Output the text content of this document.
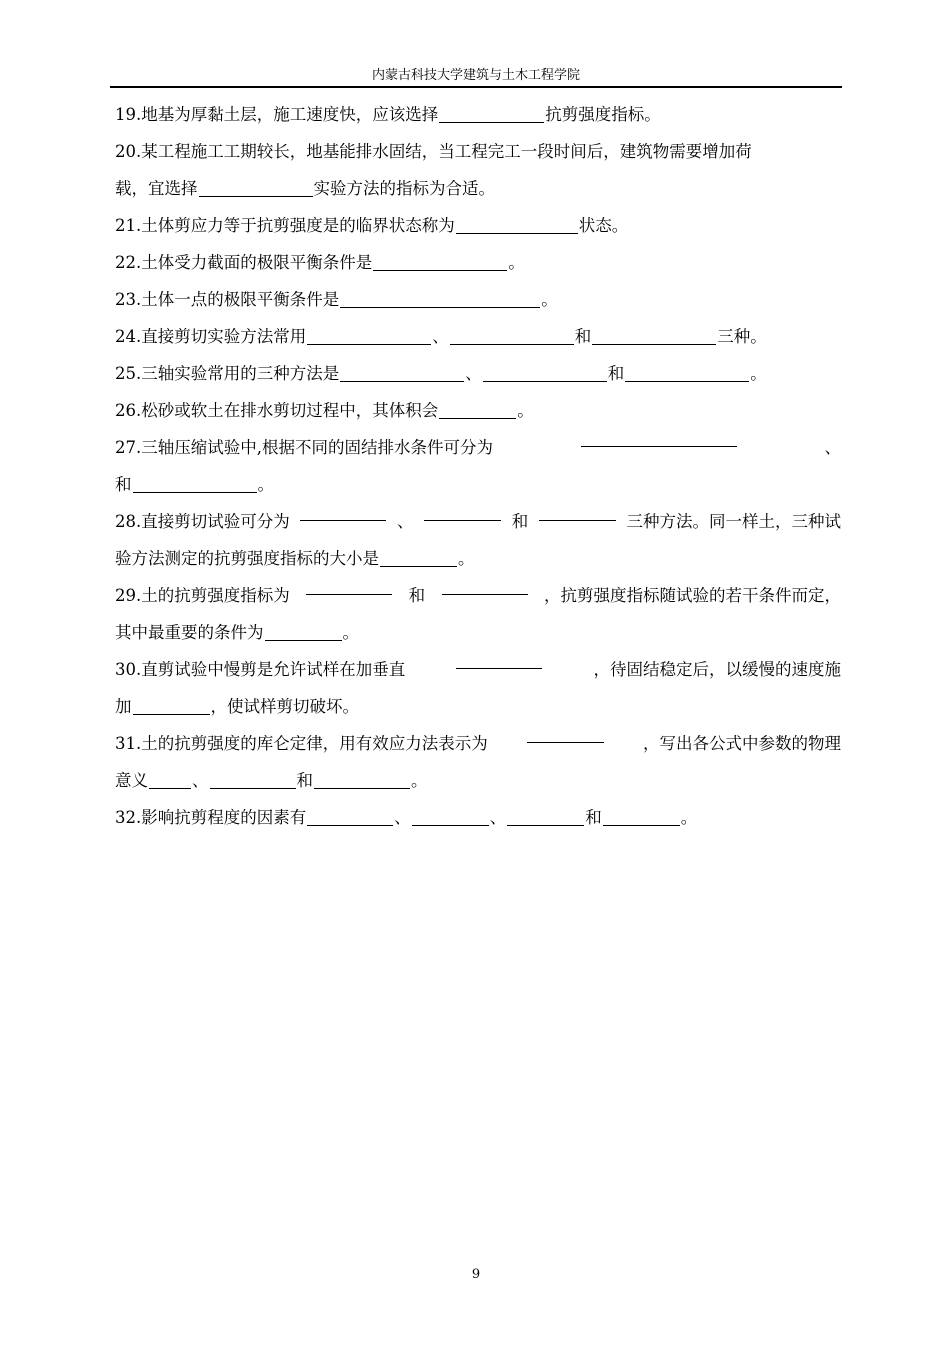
内蒙古科技大学建筑与土木工程学院

19.地基为厚黏土层，施工速度快，应该选择	抗剪强度指标。

20.某工程施工工期较长，地基能排水固结，当工程完工一段时间后，建筑物需要增加荷

载，宜选择	实验方法的指标为合适。

21.土体剪应力等于抗剪强度是的临界状态称为	状态。

22.土体受力截面的极限平衡条件是	。

23.土体一点的极限平衡条件是	。

24.直接剪切实验方法常用	、	和	三种。

25.三轴实验常用的三种方法是	、	和	。

26.松砂或软土在排水剪切过程中，其体积会	。

27.三轴压缩试验中,根据不同的固结排水条件可分为	、

和	。

28.直接剪切试验可分为	、	和	三种方法。同一样土，三种试

验方法测定的抗剪强度指标的大小是	。

29.土的抗剪强度指标为	和	，抗剪强度指标随试验的若干条件而定，

其中最重要的条件为	。

30.直剪试验中慢剪是允许试样在加垂直	，待固结稳定后，以缓慢的速度施

加	，使试样剪切破坏。

31.土的抗剪强度的库仑定律，用有效应力法表示为	，写出各公式中参数的物理

意义	、	和	。

32.影响抗剪程度的因素有	、	、	和	。

9
